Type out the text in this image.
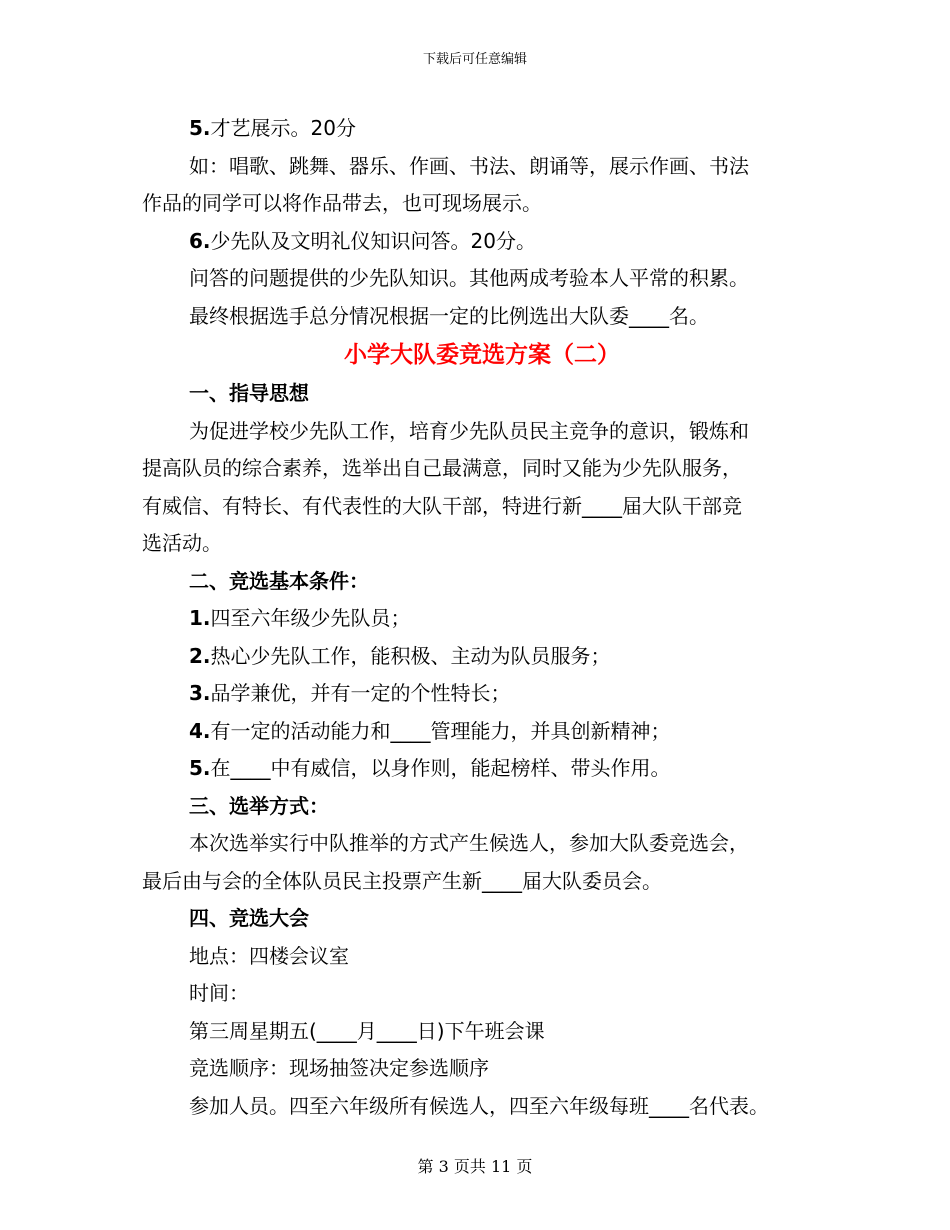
下载后可任意编辑

5.才艺展示。20分

如：唱歌、跳舞、器乐、作画、书法、朗诵等，展示作画、书法
作品的同学可以将作品带去，也可现场展示。

6.少先队及文明礼仪知识问答。20分。

问答的问题提供的少先队知识。其他两成考验本人平常的积累。

最终根据选手总分情况根据一定的比例选出大队委____名。

小学大队委竞选方案（二）

一、指导思想

为促进学校少先队工作，培育少先队员民主竞争的意识，锻炼和
提高队员的综合素养，选举出自己最满意，同时又能为少先队服务，
有威信、有特长、有代表性的大队干部，特进行新____届大队干部竞
选活动。

二、竞选基本条件：

1.四至六年级少先队员；

2.热心少先队工作，能积极、主动为队员服务；

3.品学兼优，并有一定的个性特长；

4.有一定的活动能力和____管理能力，并具创新精神；

5.在____中有威信，以身作则，能起榜样、带头作用。

三、选举方式：

本次选举实行中队推举的方式产生候选人，参加大队委竞选会，
最后由与会的全体队员民主投票产生新____届大队委员会。

四、竞选大会

地点：四楼会议室

时间：

第三周星期五(____月____日)下午班会课

竞选顺序：现场抽签决定参选顺序

参加人员。四至六年级所有候选人，四至六年级每班____名代表。

第 3 页共 11 页
